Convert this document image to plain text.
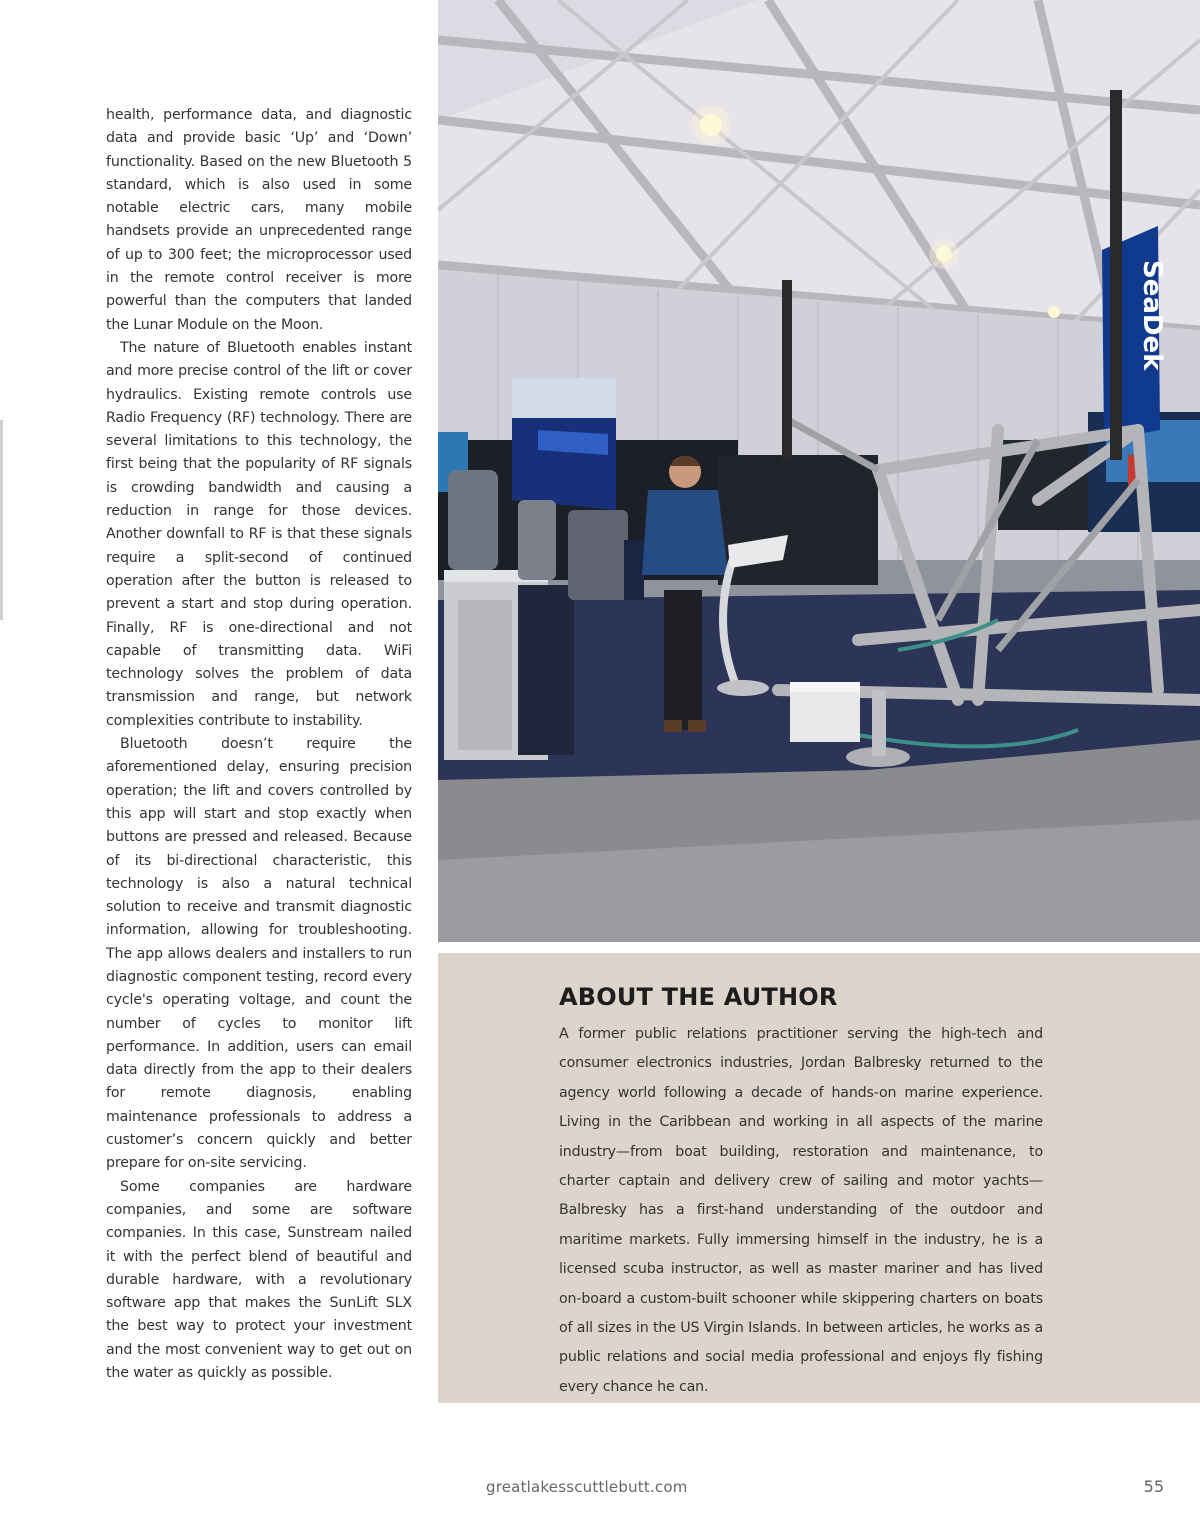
health, performance data, and diagnostic data and provide basic ‘Up’ and ‘Down’ functionality. Based on the new Bluetooth 5 standard, which is also used in some notable electric cars, many mobile handsets provide an unprecedented range of up to 300 feet; the microprocessor used in the remote control receiver is more powerful than the computers that landed the Lunar Module on the Moon.

The nature of Bluetooth enables instant and more precise control of the lift or cover hydraulics. Existing remote controls use Radio Frequency (RF) technology. There are several limitations to this technology, the first being that the popularity of RF signals is crowding bandwidth and causing a reduction in range for those devices. Another downfall to RF is that these signals require a split-second of continued operation after the button is released to prevent a start and stop during operation. Finally, RF is one-directional and not capable of transmitting data. WiFi technology solves the problem of data transmission and range, but network complexities contribute to instability.

Bluetooth doesn’t require the aforementioned delay, ensuring precision operation; the lift and covers controlled by this app will start and stop exactly when buttons are pressed and released. Because of its bi-directional characteristic, this technology is also a natural technical solution to receive and transmit diagnostic information, allowing for troubleshooting. The app allows dealers and installers to run diagnostic component testing, record every cycle's operating voltage, and count the number of cycles to monitor lift performance. In addition, users can email data directly from the app to their dealers for remote diagnosis, enabling maintenance professionals to address a customer’s concern quickly and better prepare for on-site servicing.

Some companies are hardware companies, and some are software companies. In this case, Sunstream nailed it with the perfect blend of beautiful and durable hardware, with a revolutionary software app that makes the SunLift SLX the best way to protect your investment and the most convenient way to get out on the water as quickly as possible.

SeaDek
ABOUT THE AUTHOR

A former public relations practitioner serving the high-tech and consumer electronics industries, Jordan Balbresky returned to the agency world following a decade of hands-on marine experience. Living in the Caribbean and working in all aspects of the marine industry—from boat building, restoration and maintenance, to charter captain and delivery crew of sailing and motor yachts—Balbresky has a first-hand understanding of the outdoor and maritime markets. Fully immersing himself in the industry, he is a licensed scuba instructor, as well as master mariner and has lived on-board a custom-built schooner while skippering charters on boats of all sizes in the US Virgin Islands. In between articles, he works as a public relations and social media professional and enjoys fly fishing every chance he can.

greatlakesscuttlebutt.com	55
